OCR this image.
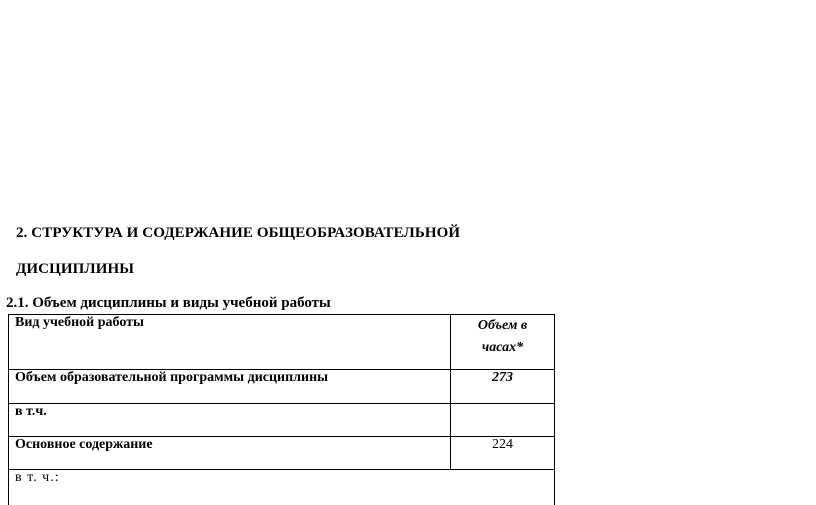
2. СТРУКТУРА И СОДЕРЖАНИЕ ОБЩЕОБРАЗОВАТЕЛЬНОЙ
ДИСЦИПЛИНЫ
2.1. Объем дисциплины и виды учебной работы
Вид учебной работы	Объем в
часах*
Объем образовательной программы дисциплины	273
в т.ч.	
Основное содержание	224
в т. ч.:	
